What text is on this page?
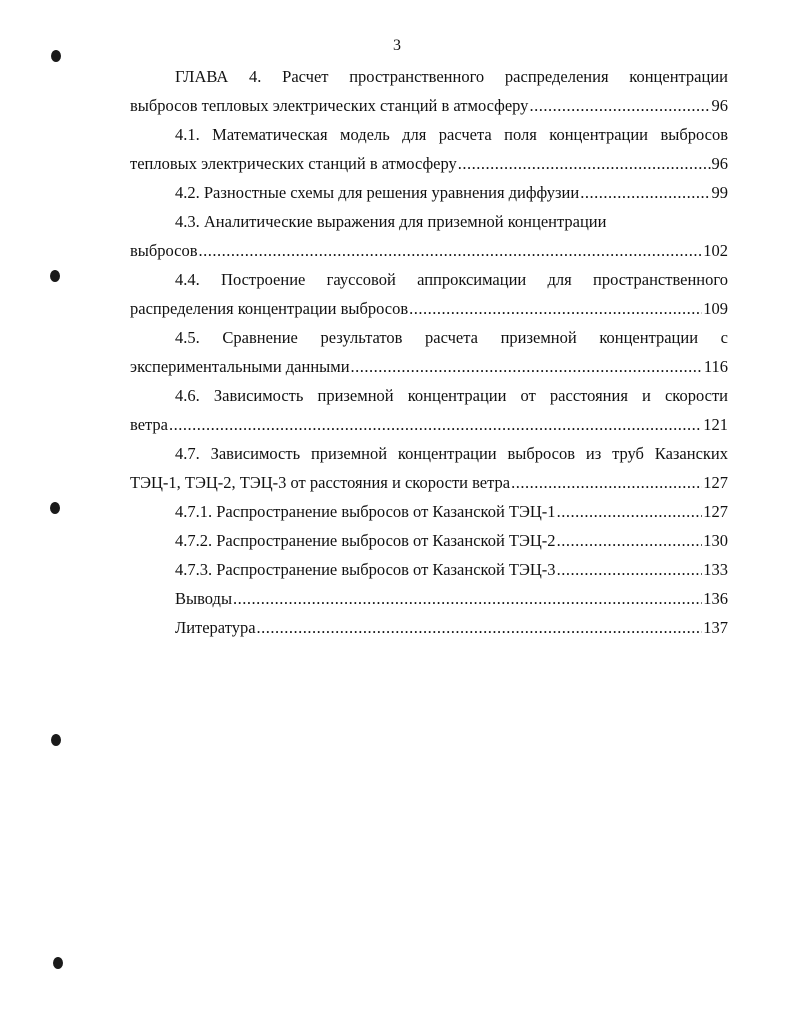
3
ГЛАВА 4. Расчет пространственного распределения концентрации
выбросов тепловых электрических станций в атмосферу .....	96
4.1. Математическая модель для расчета поля концентрации выбросов
тепловых электрических станций в атмосферу .....	96
4.2. Разностные схемы для решения уравнения диффузии .....	99
4.3. Аналитические выражения для приземной концентрации
выбросов .....	102
4.4. Построение гауссовой аппроксимации для пространственного
распределения концентрации выбросов .....	109
4.5. Сравнение результатов расчета приземной концентрации с
экспериментальными данными .....	116
4.6. Зависимость приземной концентрации от расстояния и скорости
ветра .....	121
4.7. Зависимость приземной концентрации выбросов из труб Казанских
ТЭЦ-1, ТЭЦ-2, ТЭЦ-3 от расстояния и скорости ветра .....	127
4.7.1. Распространение выбросов от Казанской ТЭЦ-1 .....	127
4.7.2. Распространение выбросов от Казанской ТЭЦ-2 .....	130
4.7.3. Распространение выбросов от Казанской ТЭЦ-3 .....	133
Выводы .....	136
Литература .....	137
